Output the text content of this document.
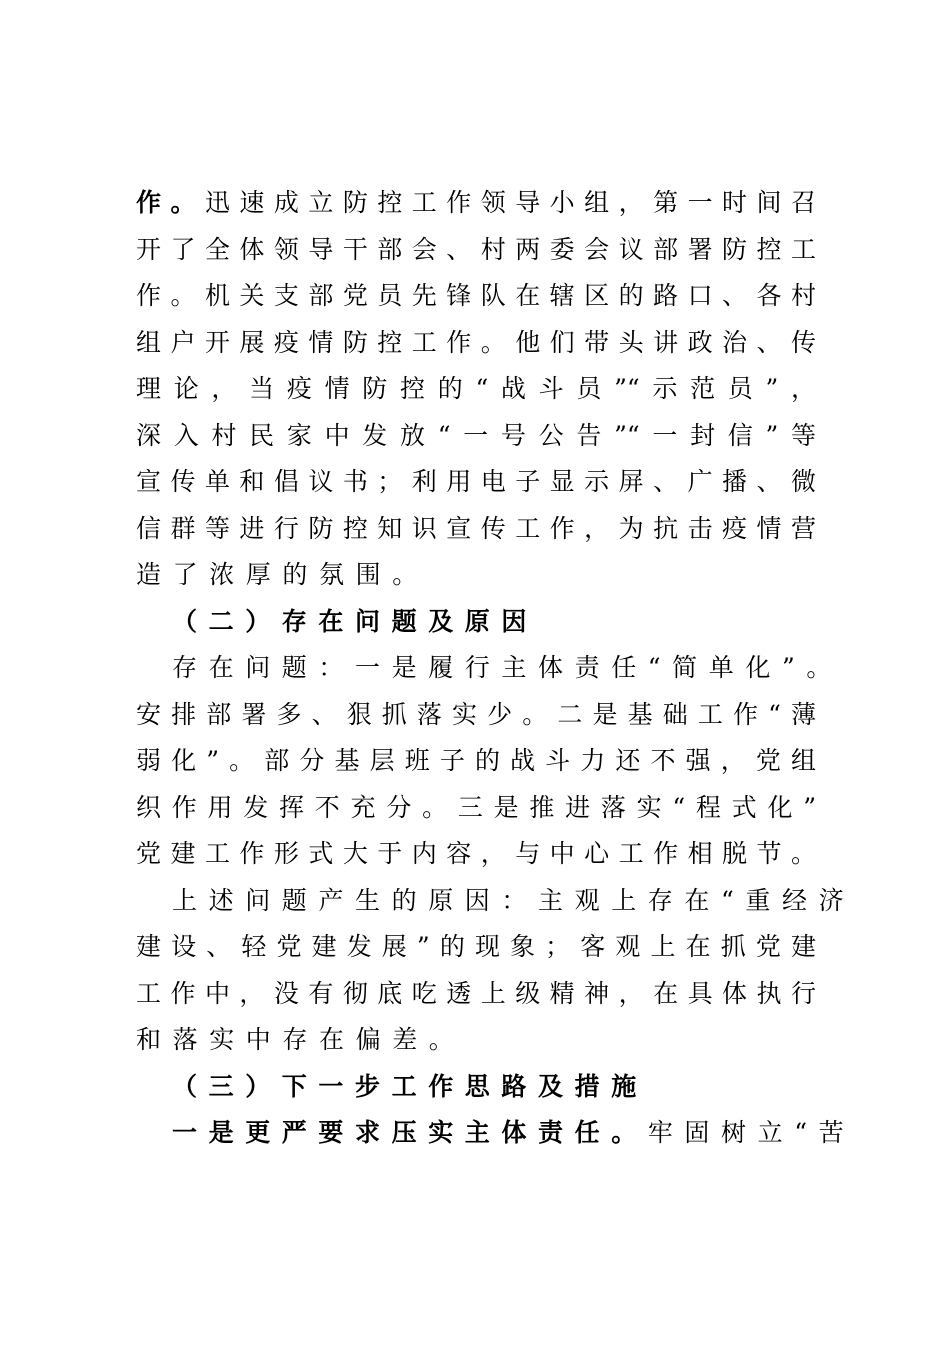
作。迅速成立防控工作领导小组，第一时间召
开了全体领导干部会、村两委会议部署防控工
作。机关支部党员先锋队在辖区的路口、各村
组户开展疫情防控工作。他们带头讲政治、传
理论，当疫情防控的“战斗员”“示范员”，
深入村民家中发放“一号公告”“一封信”等
宣传单和倡议书；利用电子显示屏、广播、微
信群等进行防控知识宣传工作，为抗击疫情营
造了浓厚的氛围。
（二）存在问题及原因
存在问题：一是履行主体责任“简单化”。
安排部署多、狠抓落实少。二是基础工作“薄
弱化”。部分基层班子的战斗力还不强，党组
织作用发挥不充分。三是推进落实“程式化”
党建工作形式大于内容，与中心工作相脱节。
上述问题产生的原因：主观上存在“重经济
建设、轻党建发展”的现象；客观上在抓党建
工作中，没有彻底吃透上级精神，在具体执行
和落实中存在偏差。
（三）下一步工作思路及措施
一是更严要求压实主体责任。牢固树立“苦
